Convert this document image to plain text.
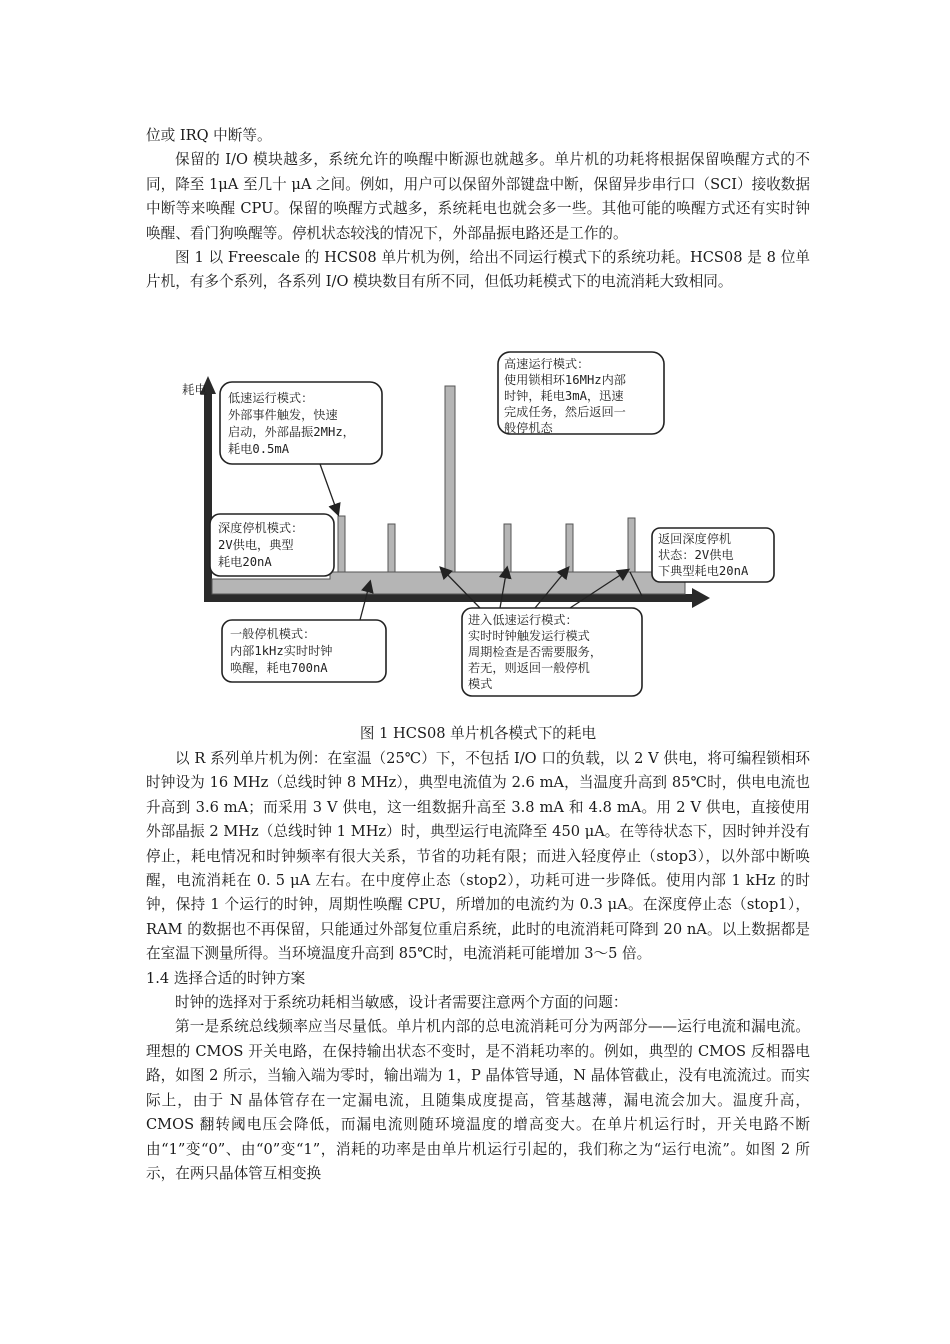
位或 IRQ 中断等。

保留的 I/O 模块越多，系统允许的唤醒中断源也就越多。单片机的功耗将根据保留唤醒方式的不同，降至 1μA 至几十 μA 之间。例如，用户可以保留外部键盘中断，保留异步串行口（SCI）接收数据中断等来唤醒 CPU。保留的唤醒方式越多，系统耗电也就会多一些。其他可能的唤醒方式还有实时钟唤醒、看门狗唤醒等。停机状态较浅的情况下，外部晶振电路还是工作的。

图 1 以 Freescale 的 HCS08 单片机为例，给出不同运行模式下的系统功耗。HCS08 是 8 位单片机，有多个系列，各系列 I/O 模块数目有所不同，但低功耗模式下的电流消耗大致相同。

耗电
低速运行模式： 外部事件触发，快速 启动，外部晶振2MHz， 耗电0.5mA
高速运行模式： 使用锁相环16MHz内部 时钟，耗电3mA，迅速 完成任务，然后返回一 般停机态
深度停机模式： 2V供电，典型 耗电20nA
返回深度停机 状态：2V供电 下典型耗电20nA
一般停机模式： 内部1kHz实时时钟 唤醒，耗电700nA
进入低速运行模式： 实时时钟触发运行模式 周期检查是否需要服务， 若无，则返回一般停机 模式
图 1 HCS08 单片机各模式下的耗电

以 R 系列单片机为例：在室温（25℃）下，不包括 I/O 口的负载，以 2 V 供电，将可编程锁相环时钟设为 16 MHz（总线时钟 8 MHz），典型电流值为 2.6 mA，当温度升高到 85℃时，供电电流也升高到 3.6 mA；而采用 3 V 供电，这一组数据升高至 3.8 mA 和 4.8 mA。用 2 V 供电，直接使用外部晶振 2 MHz（总线时钟 1 MHz）时，典型运行电流降至 450 μA。在等待状态下，因时钟并没有停止，耗电情况和时钟频率有很大关系，节省的功耗有限；而进入轻度停止（stop3），以外部中断唤醒，电流消耗在 0. 5 μA 左右。在中度停止态（stop2），功耗可进一步降低。使用内部 1 kHz 的时钟，保持 1 个运行的时钟，周期性唤醒 CPU，所增加的电流约为 0.3 μA。在深度停止态（stop1），RAM 的数据也不再保留，只能通过外部复位重启系统，此时的电流消耗可降到 20 nA。以上数据都是在室温下测量所得。当环境温度升高到 85℃时，电流消耗可能增加 3～5 倍。

1.4 选择合适的时钟方案

时钟的选择对于系统功耗相当敏感，设计者需要注意两个方面的问题：

第一是系统总线频率应当尽量低。单片机内部的总电流消耗可分为两部分——运行电流和漏电流。理想的 CMOS 开关电路，在保持输出状态不变时，是不消耗功率的。例如，典型的 CMOS 反相器电路，如图 2 所示，当输入端为零时，输出端为 1，P 晶体管导通，N 晶体管截止，没有电流流过。而实际上，由于 N 晶体管存在一定漏电流，且随集成度提高，管基越薄，漏电流会加大。温度升高，CMOS 翻转阈电压会降低，而漏电流则随环境温度的增高变大。在单片机运行时，开关电路不断由“1”变“0”、由“0”变“1”，消耗的功率是由单片机运行引起的，我们称之为“运行电流”。如图 2 所示，在两只晶体管互相变换
